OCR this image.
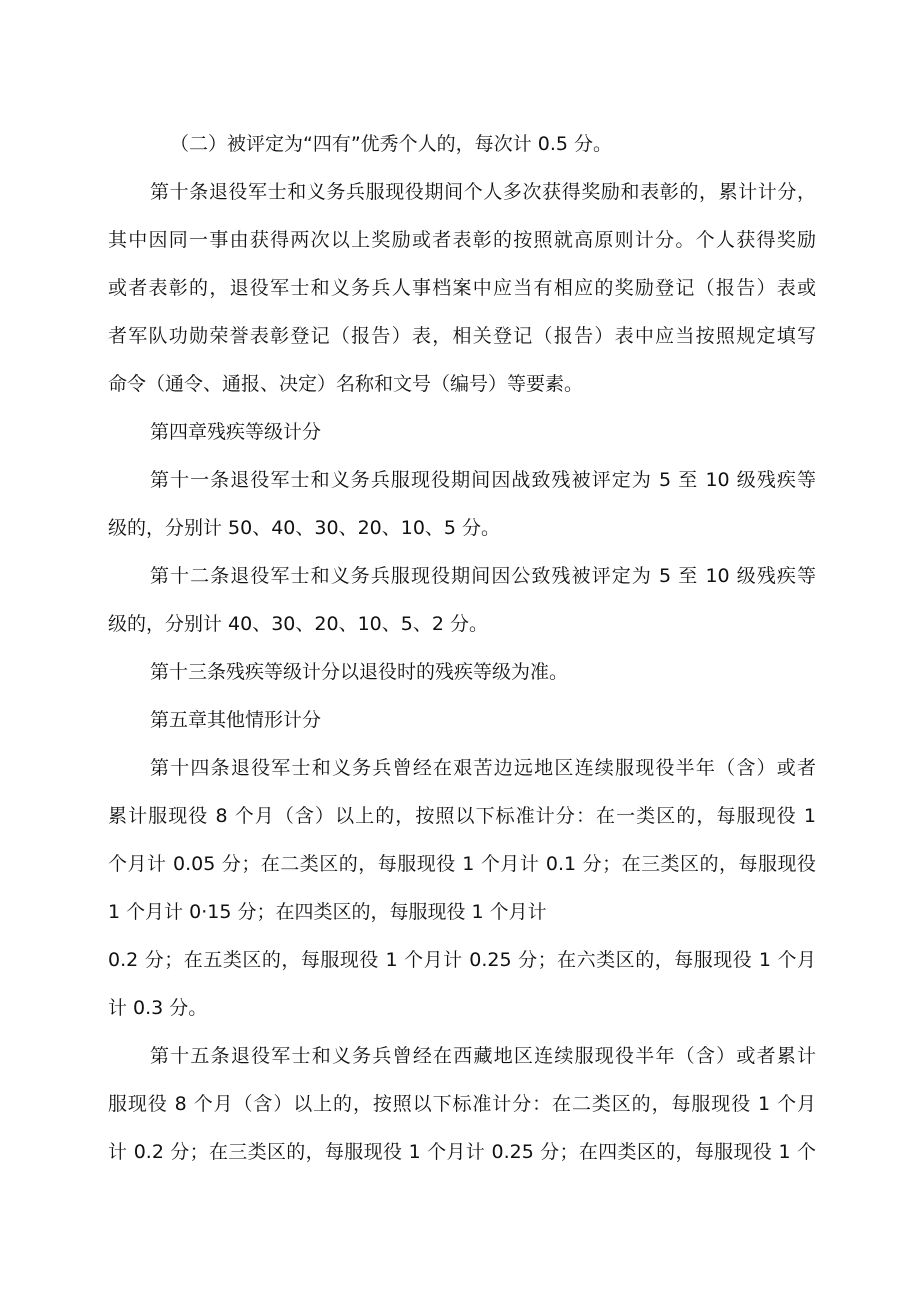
（二）被评定为“四有”优秀个人的，每次计 0.5 分。
第十条退役军士和义务兵服现役期间个人多次获得奖励和表彰的，累计计分，
其中因同一事由获得两次以上奖励或者表彰的按照就高原则计分。个人获得奖励
或者表彰的，退役军士和义务兵人事档案中应当有相应的奖励登记（报告）表或
者军队功勋荣誉表彰登记（报告）表，相关登记（报告）表中应当按照规定填写
命令（通令、通报、决定）名称和文号（编号）等要素。
第四章残疾等级计分
第十一条退役军士和义务兵服现役期间因战致残被评定为 5 至 10 级残疾等
级的，分别计 50、40、30、20、10、5 分。
第十二条退役军士和义务兵服现役期间因公致残被评定为 5 至 10 级残疾等
级的，分别计 40、30、20、10、5、2 分。
第十三条残疾等级计分以退役时的残疾等级为准。
第五章其他情形计分
第十四条退役军士和义务兵曾经在艰苦边远地区连续服现役半年（含）或者
累计服现役 8 个月（含）以上的，按照以下标准计分：在一类区的，每服现役 1
个月计 0.05 分；在二类区的，每服现役 1 个月计 0.1 分；在三类区的，每服现役
1 个月计 0·15 分；在四类区的，每服现役 1 个月计
0.2 分；在五类区的，每服现役 1 个月计 0.25 分；在六类区的，每服现役 1 个月
计 0.3 分。
第十五条退役军士和义务兵曾经在西藏地区连续服现役半年（含）或者累计
服现役 8 个月（含）以上的，按照以下标准计分：在二类区的，每服现役 1 个月
计 0.2 分；在三类区的，每服现役 1 个月计 0.25 分；在四类区的，每服现役 1 个
